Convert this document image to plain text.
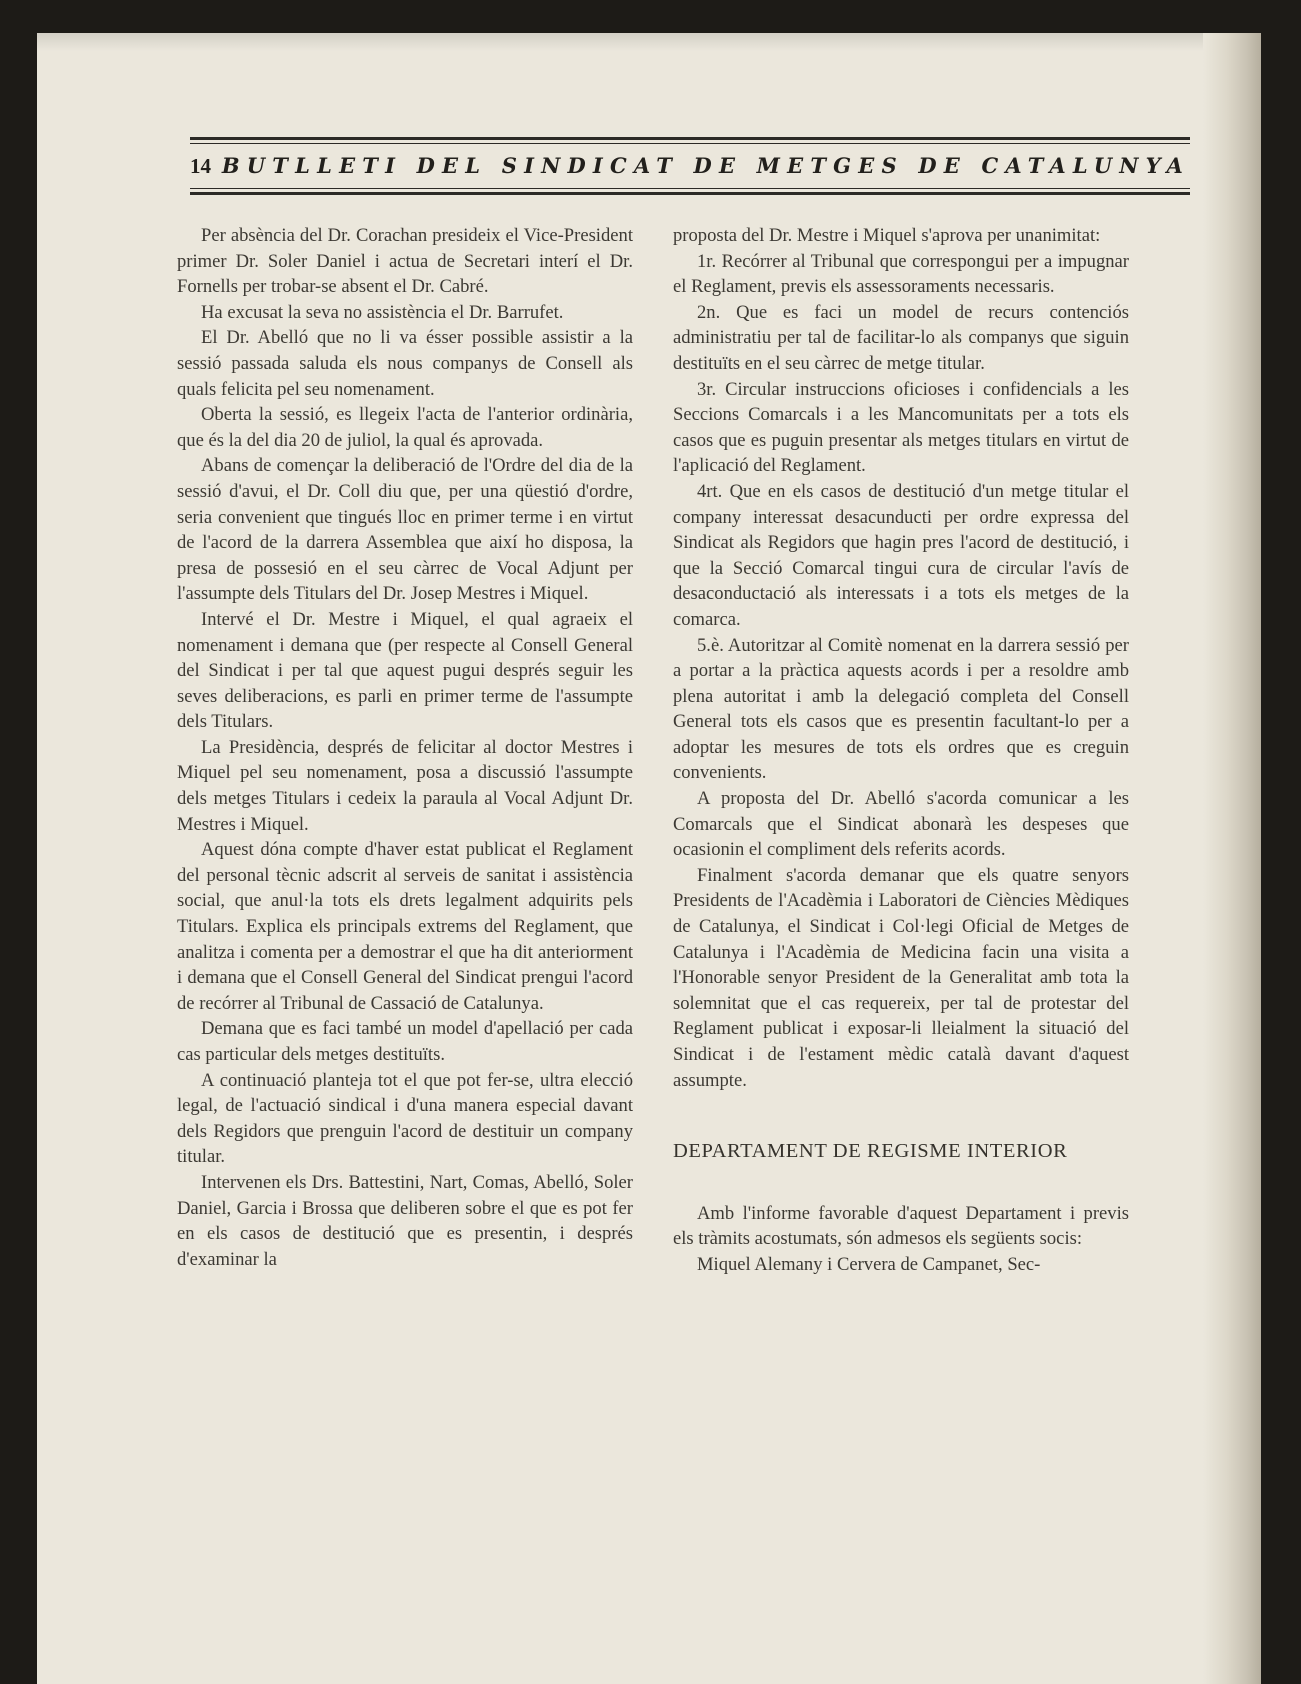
14 BUTLLETI DEL SINDICAT DE METGES DE CATALUNYA

Per absència del Dr. Corachan presideix el Vice-President primer Dr. Soler Daniel i actua de Secretari interí el Dr. Fornells per trobar-se absent el Dr. Cabré.

Ha excusat la seva no assistència el Dr. Barrufet.

El Dr. Abelló que no li va ésser possible assistir a la sessió passada saluda els nous companys de Consell als quals felicita pel seu nomenament.

Oberta la sessió, es llegeix l'acta de l'anterior ordinària, que és la del dia 20 de juliol, la qual és aprovada.

Abans de començar la deliberació de l'Ordre del dia de la sessió d'avui, el Dr. Coll diu que, per una qüestió d'ordre, seria convenient que tingués lloc en primer terme i en virtut de l'acord de la darrera Assemblea que així ho disposa, la presa de possesió en el seu càrrec de Vocal Adjunt per l'assumpte dels Titulars del Dr. Josep Mestres i Miquel.

Intervé el Dr. Mestre i Miquel, el qual agraeix el nomenament i demana que (per respecte al Consell General del Sindicat i per tal que aquest pugui després seguir les seves deliberacions, es parli en primer terme de l'assumpte dels Titulars.

La Presidència, després de felicitar al doctor Mestres i Miquel pel seu nomenament, posa a discussió l'assumpte dels metges Titulars i cedeix la paraula al Vocal Adjunt Dr. Mestres i Miquel.

Aquest dóna compte d'haver estat publicat el Reglament del personal tècnic adscrit al serveis de sanitat i assistència social, que anul·la tots els drets legalment adquirits pels Titulars. Explica els principals extrems del Reglament, que analitza i comenta per a demostrar el que ha dit anteriorment i demana que el Consell General del Sindicat prengui l'acord de recórrer al Tribunal de Cassació de Catalunya.

Demana que es faci també un model d'apellació per cada cas particular dels metges destituïts.

A continuació planteja tot el que pot fer-se, ultra elecció legal, de l'actuació sindical i d'una manera especial davant dels Regidors que prenguin l'acord de destituir un company titular.

Intervenen els Drs. Battestini, Nart, Comas, Abelló, Soler Daniel, Garcia i Brossa que deliberen sobre el que es pot fer en els casos de destitució que es presentin, i després d'examinar la

proposta del Dr. Mestre i Miquel s'aprova per unanimitat:

1r. Recórrer al Tribunal que correspongui per a impugnar el Reglament, previs els assessoraments necessaris.

2n. Que es faci un model de recurs contenciós administratiu per tal de facilitar-lo als companys que siguin destituïts en el seu càrrec de metge titular.

3r. Circular instruccions oficioses i confidencials a les Seccions Comarcals i a les Mancomunitats per a tots els casos que es puguin presentar als metges titulars en virtut de l'aplicació del Reglament.

4rt. Que en els casos de destitució d'un metge titular el company interessat desacunducti per ordre expressa del Sindicat als Regidors que hagin pres l'acord de destitució, i que la Secció Comarcal tingui cura de circular l'avís de desaconductació als interessats i a tots els metges de la comarca.

5.è. Autoritzar al Comitè nomenat en la darrera sessió per a portar a la pràctica aquests acords i per a resoldre amb plena autoritat i amb la delegació completa del Consell General tots els casos que es presentin facultant-lo per a adoptar les mesures de tots els ordres que es creguin convenients.

A proposta del Dr. Abelló s'acorda comunicar a les Comarcals que el Sindicat abonarà les despeses que ocasionin el compliment dels referits acords.

Finalment s'acorda demanar que els quatre senyors Presidents de l'Acadèmia i Laboratori de Ciències Mèdiques de Catalunya, el Sindicat i Col·legi Oficial de Metges de Catalunya i l'Acadèmia de Medicina facin una visita a l'Honorable senyor President de la Generalitat amb tota la solemnitat que el cas requereix, per tal de protestar del Reglament publicat i exposar-li lleialment la situació del Sindicat i de l'estament mèdic català davant d'aquest assumpte.

DEPARTAMENT DE REGISME INTERIOR

Amb l'informe favorable d'aquest Departament i previs els tràmits acostumats, són admesos els següents socis:

Miquel Alemany i Cervera de Campanet, Sec-
